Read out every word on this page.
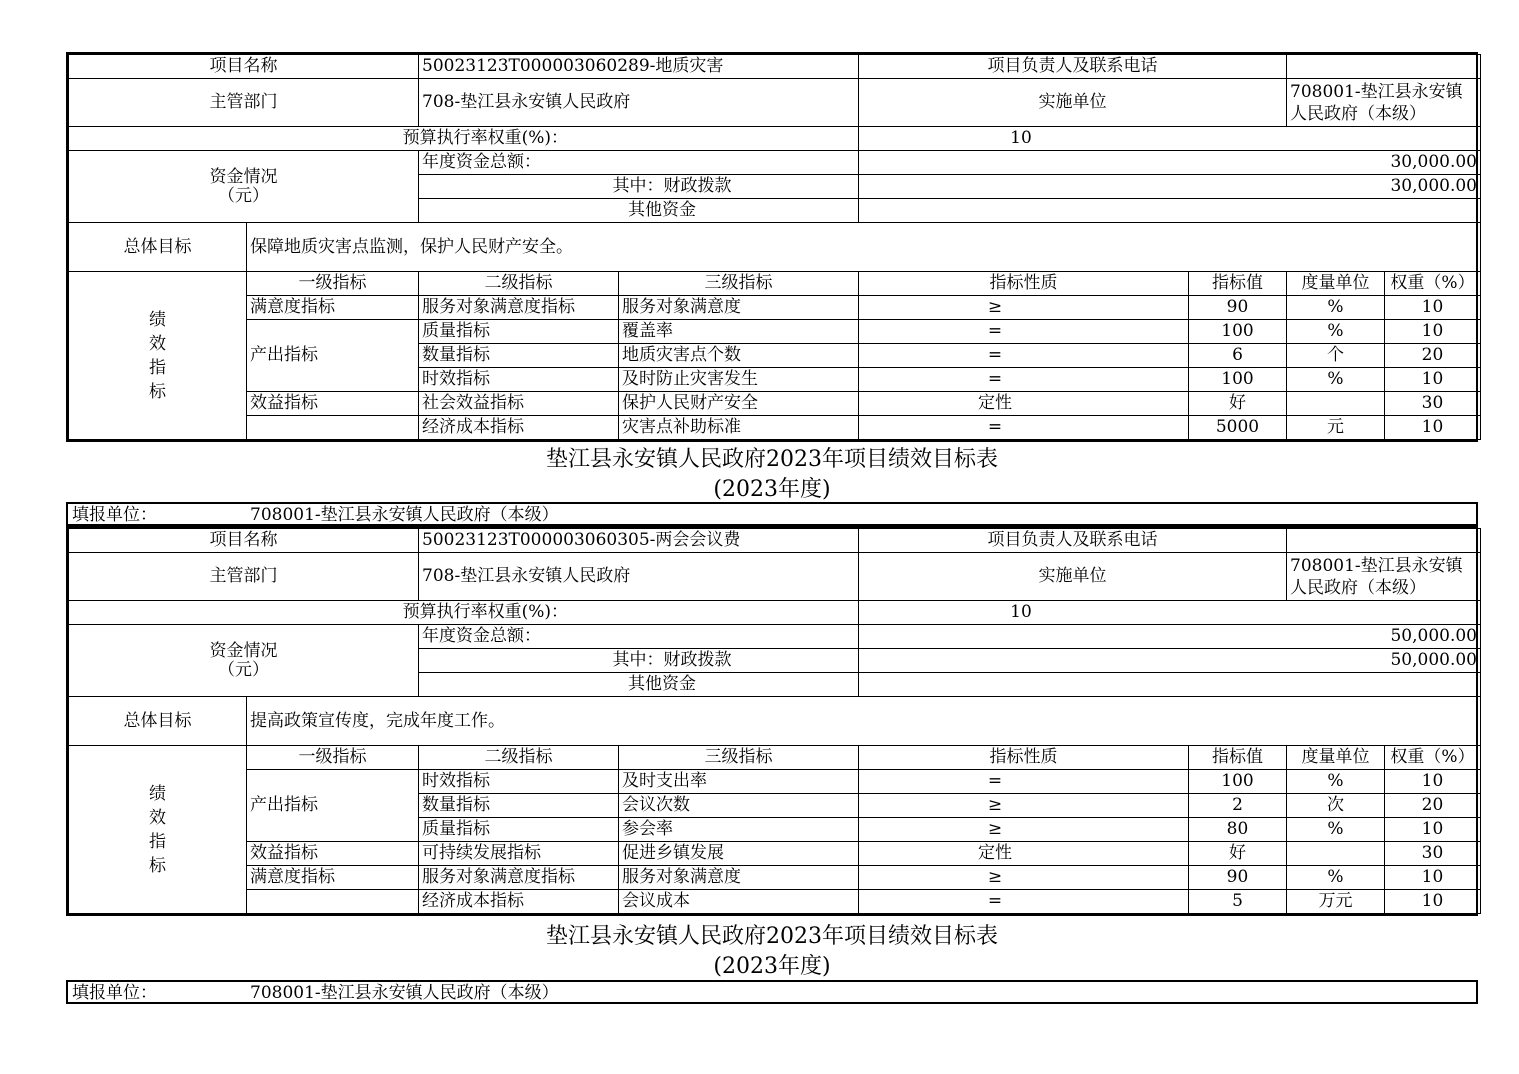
项目名称		50023123T000003060289-地质灾害		项目负责人及联系电话			
主管部门		708-垫江县永安镇人民政府		实施单位		708001-垫江县永安镇人民政府（本级）	
预算执行率权重(%)：				10			

资金情况
（元）		年度资金总额：		30,000.00			
		其中：财政拨款		30,000.00			
		其他资金					
总体目标	保障地质灾害点监测，保护人民财产安全。						

绩
效
指
标	一级指标	二级指标	三级指标	指标性质	指标值	度量单位	权重（%）
	满意度指标	服务对象满意度指标	服务对象满意度	≥	90	%	10
	产出指标	质量指标	覆盖率	=	100	%	10
		数量指标	地质灾害点个数	=	6	个	20
		时效指标	及时防止灾害发生	=	100	%	10
	效益指标	社会效益指标	保护人民财产安全	定性	好		30
		经济成本指标	灾害点补助标准	=	5000	元	10
垫江县永安镇人民政府2023年项目绩效目标表
(2023年度)
填报单位：	708001-垫江县永安镇人民政府（本级）
项目名称		50023123T000003060305-两会会议费		项目负责人及联系电话			
主管部门		708-垫江县永安镇人民政府		实施单位		708001-垫江县永安镇人民政府（本级）	
预算执行率权重(%)：				10			

资金情况
（元）		年度资金总额：		50,000.00			
		其中：财政拨款		50,000.00			
		其他资金					
总体目标	提高政策宣传度，完成年度工作。						

绩
效
指
标	一级指标	二级指标	三级指标	指标性质	指标值	度量单位	权重（%）
	产出指标	时效指标	及时支出率	=	100	%	10
		数量指标	会议次数	≥	2	次	20
		质量指标	参会率	≥	80	%	10
	效益指标	可持续发展指标	促进乡镇发展	定性	好		30
	满意度指标	服务对象满意度指标	服务对象满意度	≥	90	%	10
		经济成本指标	会议成本	=	5	万元	10
垫江县永安镇人民政府2023年项目绩效目标表
(2023年度)
填报单位：	708001-垫江县永安镇人民政府（本级）
